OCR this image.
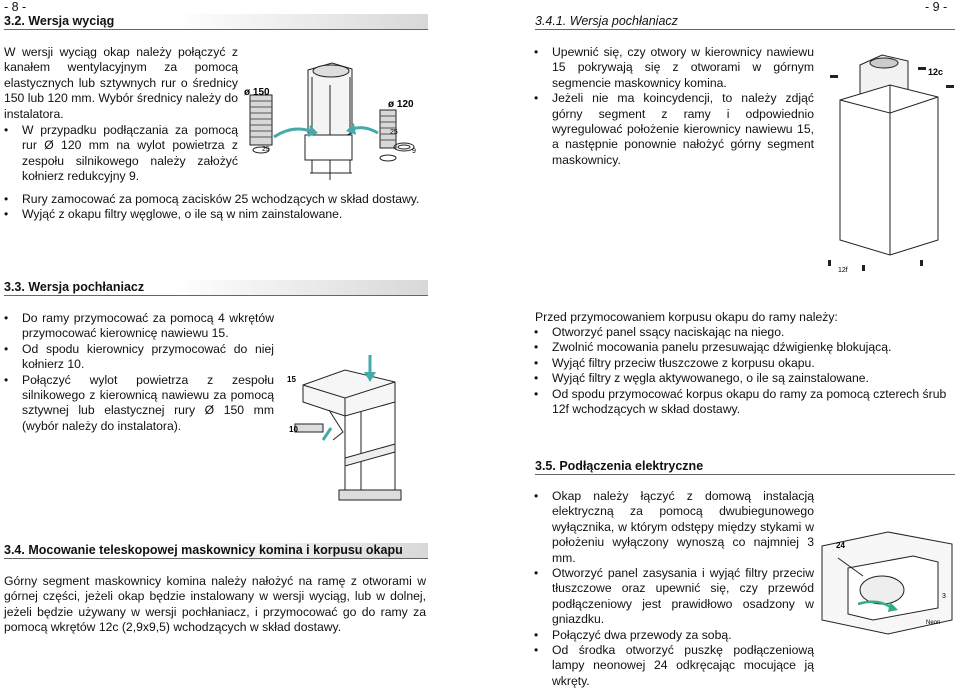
- 8 -
3.2. Wersja wyciąg
W wersji wyciąg okap należy połączyć z kanałem wentylacyjnym za pomocą elastycznych lub sztywnych rur o średnicy 150 lub 120 mm. Wybór średnicy należy do instalatora.
• W przypadku podłączania za pomocą rur Ø 120 mm na wylot powietrza z zespołu silnikowego należy założyć kołnierz redukcyjny 9.
• Rury zamocować za pomocą zacisków 25 wchodzących w skład dostawy.
• Wyjąć z okapu filtry węglowe, o ile są w nim zainstalowane.
ø 150
ø 120
25
25
9
3.3. Wersja pochłaniacz
• Do ramy przymocować za pomocą 4 wkrętów przymocować kierownicę nawiewu 15.
• Od spodu kierownicy przymocować do niej kołnierz 10.
• Połączyć wylot powietrza z zespołu silnikowego z kierownicą nawiewu za pomocą sztywnej lub elastycznej rury Ø 150 mm (wybór należy do instalatora).
15
10
3.4. Mocowanie teleskopowej maskownicy komina i korpusu okapu
Górny segment maskownicy komina należy nałożyć na ramę z otworami w górnej części, jeżeli okap będzie instalowany w wersji wyciąg, lub w dolnej, jeżeli będzie używany w wersji pochłaniacz, i przymocować go do ramy za pomocą wkrętów 12c (2,9x9,5) wchodzących w skład dostawy.
- 9 -
3.4.1. Wersja pochłaniacz
• Upewnić się, czy otwory w kierownicy nawiewu 15 pokrywają się z otworami w górnym segmencie maskownicy komina.
• Jeżeli nie ma koincydencji, to należy zdjąć górny segment z ramy i odpowiednio wyregulować położenie kierownicy nawiewu 15, a następnie ponownie nałożyć górny segment maskownicy.
12c
12f
Przed przymocowaniem korpusu okapu do ramy należy:
• Otworzyć panel ssący naciskając na niego.
• Zwolnić mocowania panelu przesuwając dźwigienkę blokującą.
• Wyjąć filtry przeciw tłuszczowe z korpusu okapu.
• Wyjąć filtry z węgla aktywowanego, o ile są zainstalowane.
• Od spodu przymocować korpus okapu do ramy za pomocą czterech śrub 12f wchodzących w skład dostawy.
3.5. Podłączenia elektryczne
• Okap należy łączyć z domową instalacją elektryczną za pomocą dwubiegunowego wyłącznika, w którym odstępy między stykami w położeniu wyłączony wynoszą co najmniej 3 mm.
• Otworzyć panel zasysania i wyjąć filtry przeciw tłuszczowe oraz upewnić się, czy przewód podłączeniowy jest prawidłowo osadzony w gniazdku.
• Połączyć dwa przewody za sobą.
• Od środka otworzyć puszkę podłączeniową lampy neonowej 24 odkręcając mocujące ją wkręty.
24
3
Neon
